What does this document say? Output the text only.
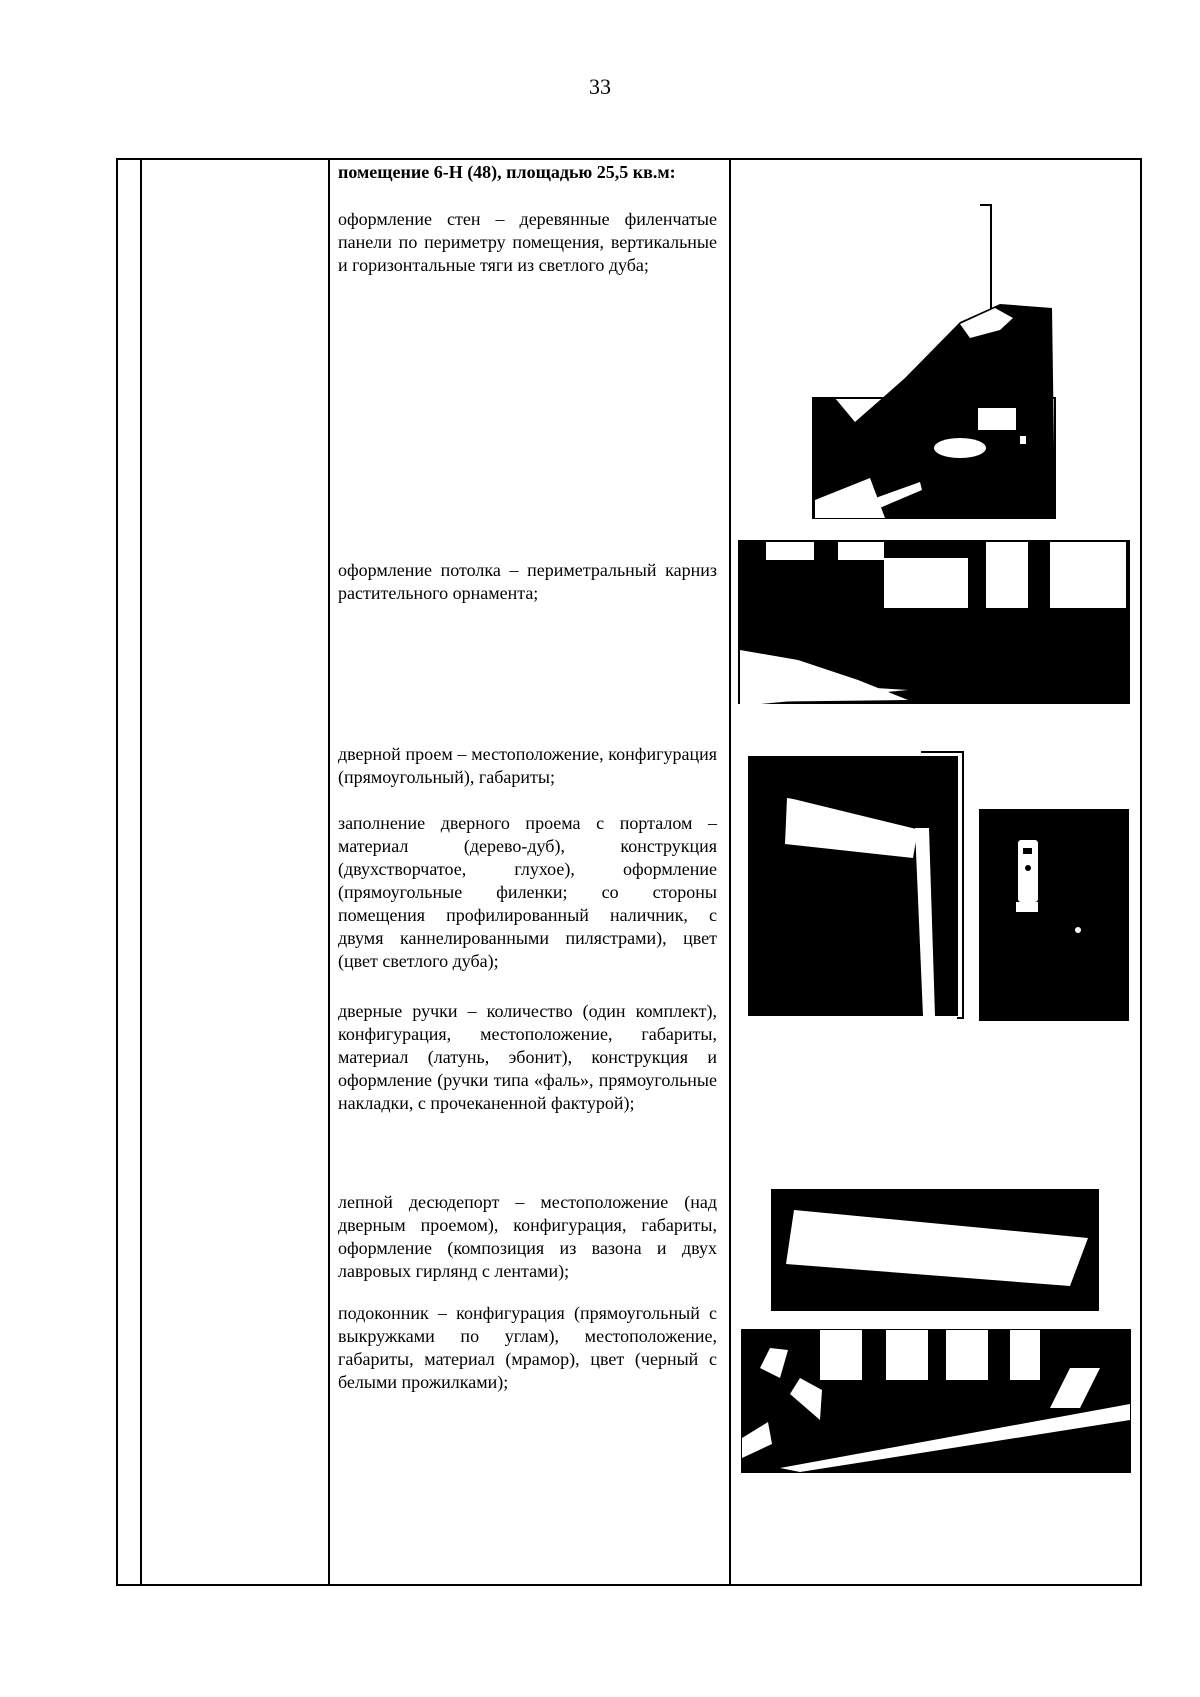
33

помещение 6-Н (48), площадью 25,5 кв.м:

оформление стен – деревянные филенчатые панели по периметру помещения, вертикальные и горизонтальные тяги из светлого дуба;

оформление потолка – периметральный карниз растительного орнамента;

дверной проем – местоположение, конфигурация (прямоугольный), габариты;

заполнение дверного проема с порталом – материал (дерево-дуб), конструкция (двухстворчатое, глухое), оформление (прямоугольные филенки; со стороны помещения профилированный наличник, с двумя каннелированными пилястрами), цвет (цвет светлого дуба);

дверные ручки – количество (один комплект), конфигурация, местоположение, габариты, материал (латунь, эбонит), конструкция и оформление (ручки типа «фаль», прямоугольные накладки, с прочеканенной фактурой);

лепной десюдепорт – местоположение (над дверным проемом), конфигурация, габариты, оформление (композиция из вазона и двух лавровых гирлянд с лентами);

подоконник – конфигурация (прямоугольный с выкружками по углам), местоположение, габариты, материал (мрамор), цвет (черный с белыми прожилками);
